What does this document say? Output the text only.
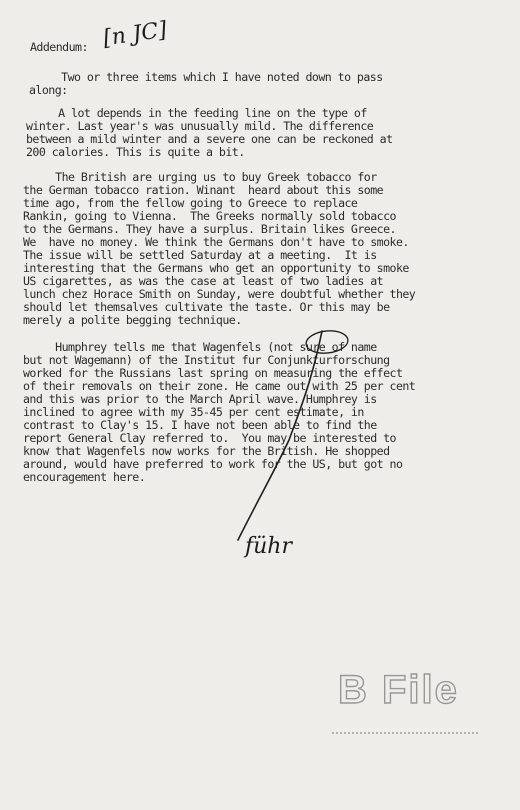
Addendum: [n JC]
Two or three items which I have noted down to pass
along:
A lot depends in the feeding line on the type of
winter. Last year's was unusually mild. The difference
between a mild winter and a severe one can be reckoned at
200 calories. This is quite a bit.
The British are urging us to buy Greek tobacco for
the German tobacco ration. Winant  heard about this some
time ago, from the fellow going to Greece to replace
Rankin, going to Vienna.  The Greeks normally sold tobacco
to the Germans. They have a surplus. Britain likes Greece.
We  have no money. We think the Germans don't have to smoke.
The issue will be settled Saturday at a meeting.  It is
interesting that the Germans who get an opportunity to smoke
US cigarettes, as was the case at least of two ladies at
lunch chez Horace Smith on Sunday, were doubtful whether they
should let themsalves cultivate the taste. Or this may be
merely a polite begging technique.
Humphrey tells me that Wagenfels (not sure of name
but not Wagemann) of the Institut fur Conjunkturforschung
worked for the Russians last spring on measuring the effect
of their removals on their zone. He came out with 25 per cent
and this was prior to the March April wave. Humphrey is
inclined to agree with my 35-45 per cent estimate, in
contrast to Clay's 15. I have not been able to find the
report General Clay referred to.  You may be interested to
know that Wagenfels now works for the British. He shopped
around, would have preferred to work for the US, but got no
encouragement here.
führ
B File
